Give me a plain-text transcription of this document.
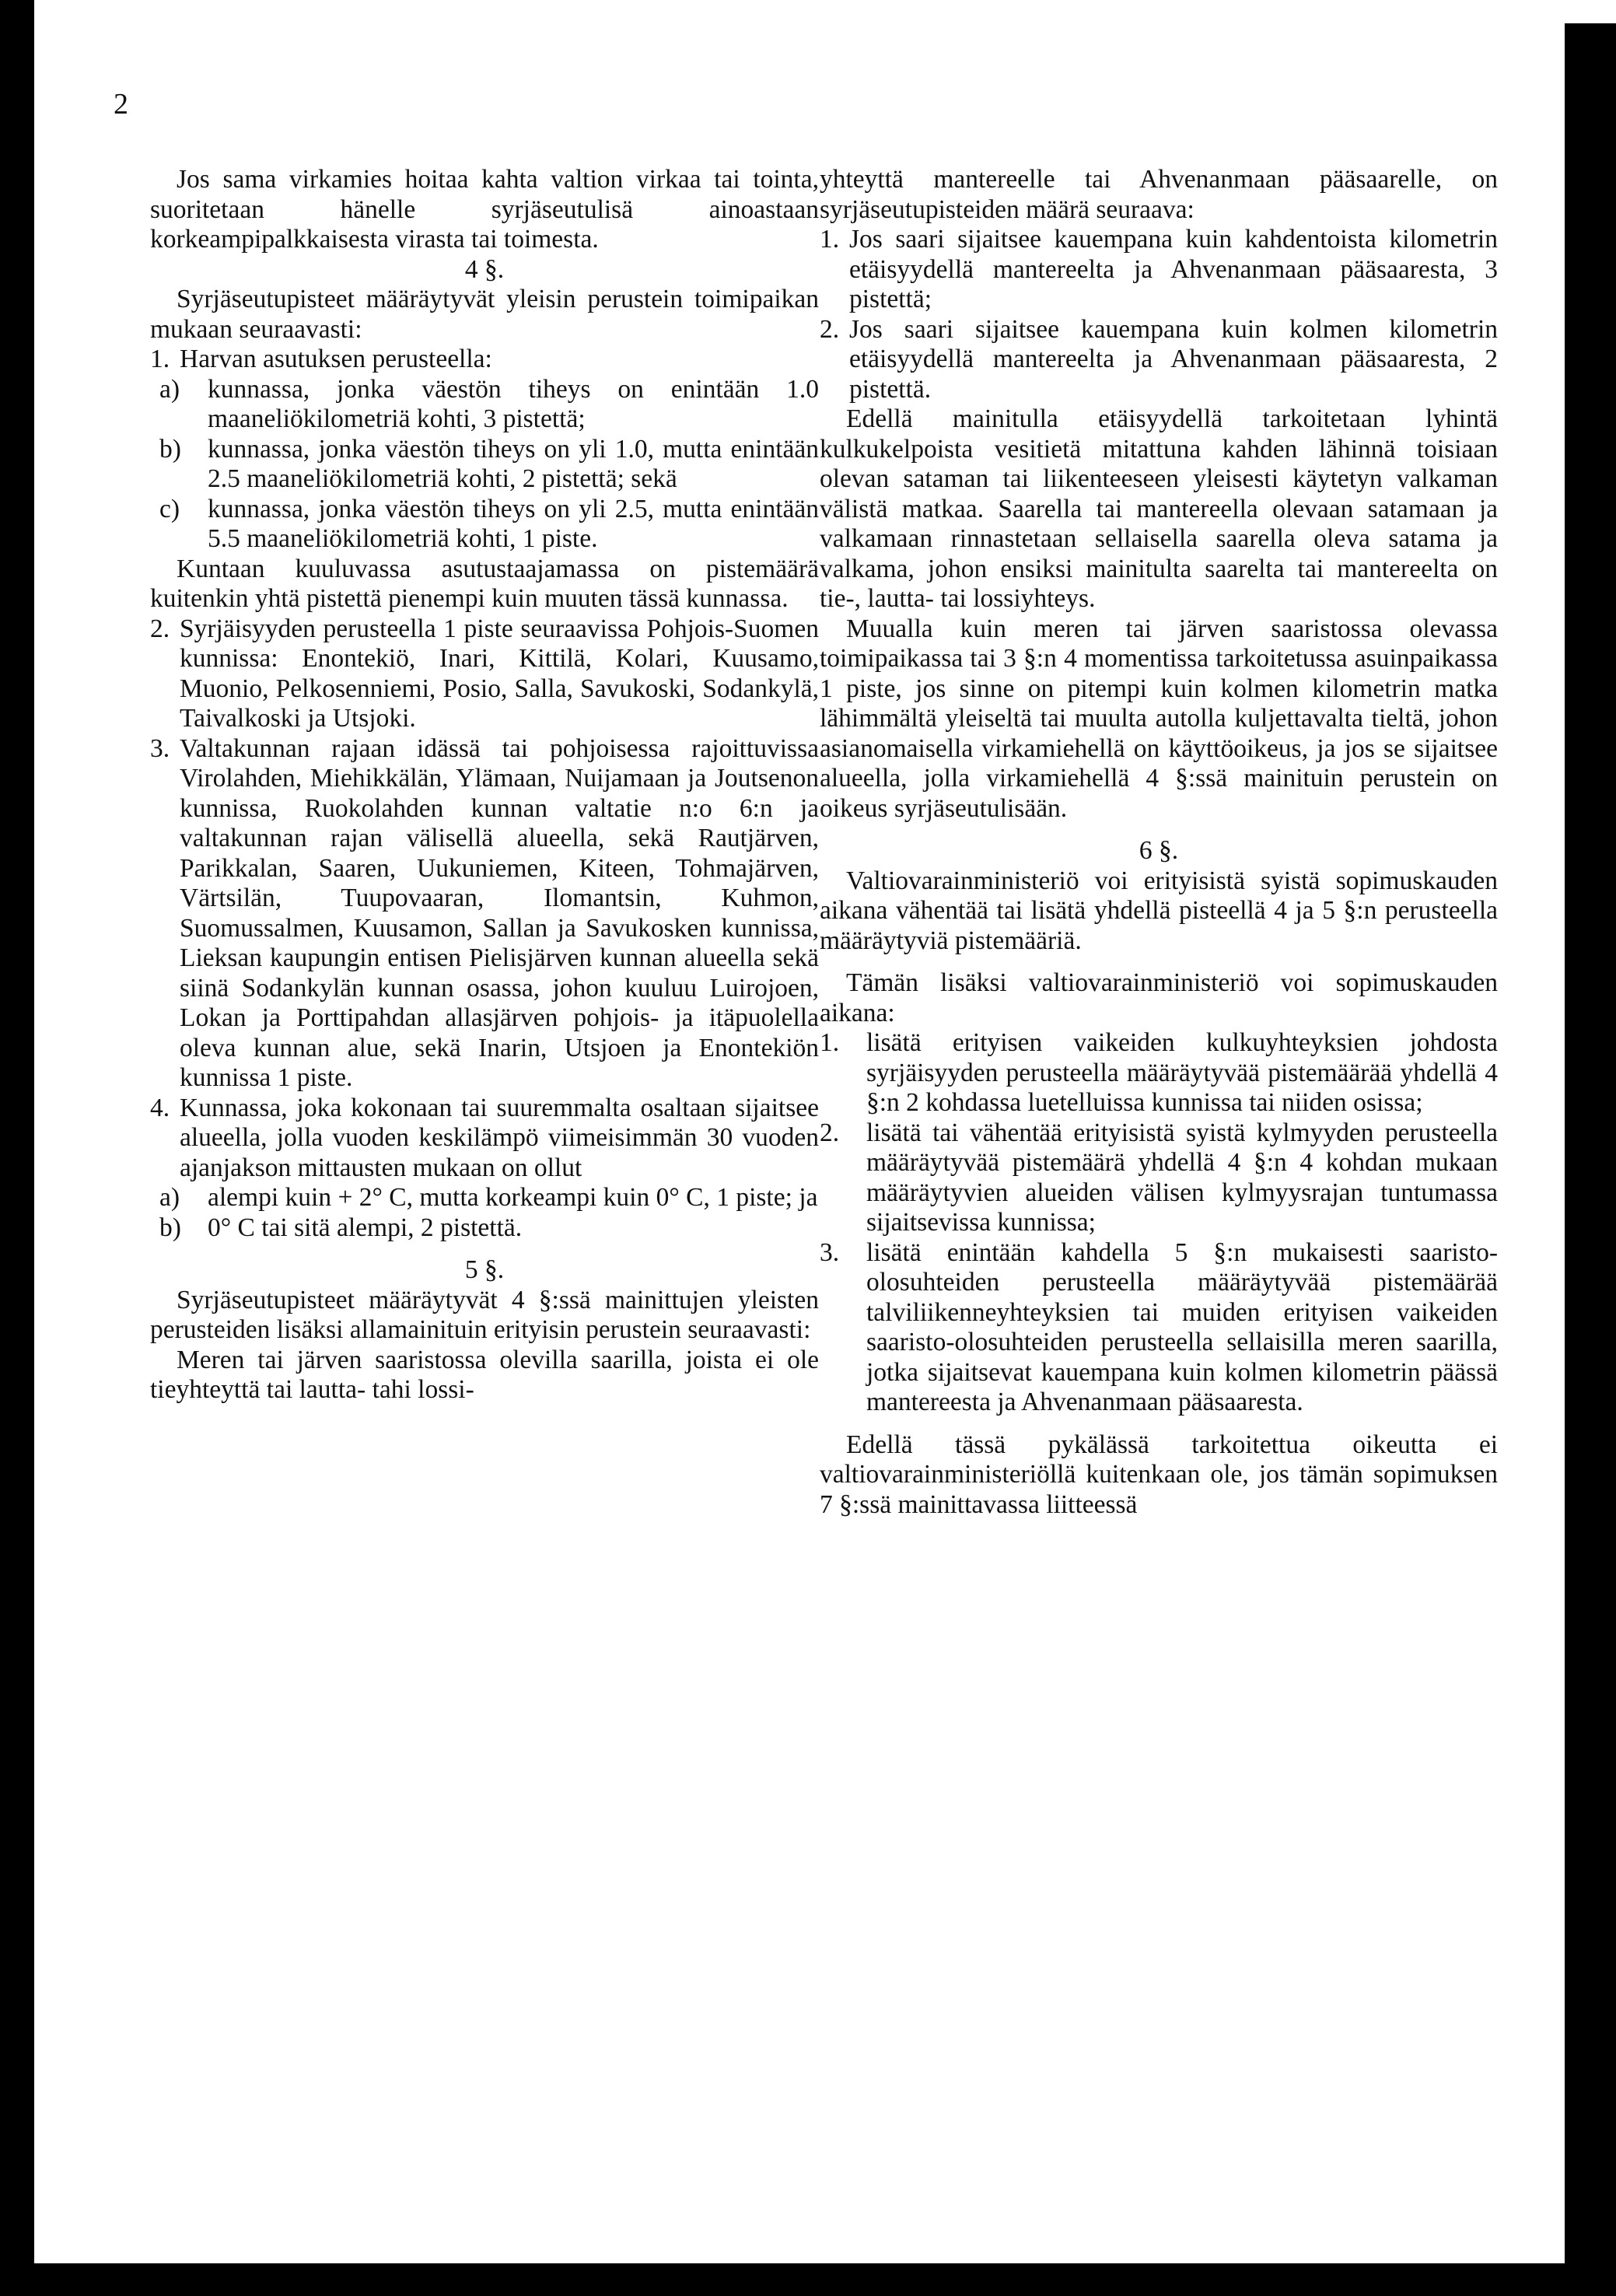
2

Jos sama virkamies hoitaa kahta valtion virkaa tai tointa, suoritetaan hänelle syrjäseutulisä ainoastaan korkeampipalkkaisesta virasta tai toimesta.

4 §.

Syrjäseutupisteet määräytyvät yleisin perustein toimipaikan mukaan seuraavasti:

1. Harvan asutuksen perusteella:
a)	kunnassa, jonka väestön tiheys on enintään 1.0 maaneliökilometriä kohti, 3 pistettä;
b)	kunnassa, jonka väestön tiheys on yli 1.0, mutta enintään 2.5 maaneliökilometriä kohti, 2 pistettä; sekä
c)	kunnassa, jonka väestön tiheys on yli 2.5, mutta enintään 5.5 maaneliökilometriä kohti, 1 piste.

Kuntaan kuuluvassa asutustaajamassa on pistemäärä kuitenkin yhtä pistettä pienempi kuin muuten tässä kunnassa.

2. Syrjäisyyden perusteella 1 piste seuraavissa Pohjois-Suomen kunnissa: Enontekiö, Inari, Kittilä, Kolari, Kuusamo, Muonio, Pelkosenniemi, Posio, Salla, Savukoski, Sodankylä, Taivalkoski ja Utsjoki.
3. Valtakunnan rajaan idässä tai pohjoisessa rajoittuvissa Virolahden, Miehikkälän, Ylämaan, Nuijamaan ja Joutsenon kunnissa, Ruokolahden kunnan valtatie n:o 6:n ja valtakunnan rajan välisellä alueella, sekä Rautjärven, Parikkalan, Saaren, Uukuniemen, Kiteen, Tohmajärven, Värtsilän, Tuupovaaran, Ilomantsin, Kuhmon, Suomussalmen, Kuusamon, Sallan ja Savukosken kunnissa, Lieksan kaupungin entisen Pielisjärven kunnan alueella sekä siinä Sodankylän kunnan osassa, johon kuuluu Luirojoen, Lokan ja Porttipahdan allasjärven pohjois- ja itäpuolella oleva kunnan alue, sekä Inarin, Utsjoen ja Enontekiön kunnissa 1 piste.
4. Kunnassa, joka kokonaan tai suuremmalta osaltaan sijaitsee alueella, jolla vuoden keskilämpö viimeisimmän 30 vuoden ajanjakson mittausten mukaan on ollut
a)	alempi kuin + 2° C, mutta korkeampi kuin 0° C, 1 piste; ja
b)	0° C tai sitä alempi, 2 pistettä.

5 §.

Syrjäseutupisteet määräytyvät 4 §:ssä mainittujen yleisten perusteiden lisäksi allamainituin erityisin perustein seuraavasti:

Meren tai järven saaristossa olevilla saarilla, joista ei ole tieyhteyttä tai lautta- tahi lossi-

yhteyttä mantereelle tai Ahvenanmaan pääsaarelle, on syrjäseutupisteiden määrä seuraava:

1. Jos saari sijaitsee kauempana kuin kahdentoista kilometrin etäisyydellä mantereelta ja Ahvenanmaan pääsaaresta, 3 pistettä;
2. Jos saari sijaitsee kauempana kuin kolmen kilometrin etäisyydellä mantereelta ja Ahvenanmaan pääsaaresta, 2 pistettä.

Edellä mainitulla etäisyydellä tarkoitetaan lyhintä kulkukelpoista vesitietä mitattuna kahden lähinnä toisiaan olevan sataman tai liikenteeseen yleisesti käytetyn valkaman välistä matkaa. Saarella tai mantereella olevaan satamaan ja valkamaan rinnastetaan sellaisella saarella oleva satama ja valkama, johon ensiksi mainitulta saarelta tai mantereelta on tie-, lautta- tai lossiyhteys.

Muualla kuin meren tai järven saaristossa olevassa toimipaikassa tai 3 §:n 4 momentissa tarkoitetussa asuinpaikassa 1 piste, jos sinne on pitempi kuin kolmen kilometrin matka lähimmältä yleiseltä tai muulta autolla kuljettavalta tieltä, johon asianomaisella virkamiehellä on käyttöoikeus, ja jos se sijaitsee alueella, jolla virkamiehellä 4 §:ssä mainituin perustein on oikeus syrjäseutulisään.

6 §.

Valtiovarainministeriö voi erityisistä syistä sopimuskauden aikana vähentää tai lisätä yhdellä pisteellä 4 ja 5 §:n perusteella määräytyviä pistemääriä.

Tämän lisäksi valtiovarainministeriö voi sopimuskauden aikana:

1.	lisätä erityisen vaikeiden kulkuyhteyksien johdosta syrjäisyyden perusteella määräytyvää pistemäärää yhdellä 4 §:n 2 kohdassa luetelluissa kunnissa tai niiden osissa;
2.	lisätä tai vähentää erityisistä syistä kylmyyden perusteella määräytyvää pistemäärä yhdellä 4 §:n 4 kohdan mukaan määräytyvien alueiden välisen kylmyysrajan tuntumassa sijaitsevissa kunnissa;
3.	lisätä enintään kahdella 5 §:n mukaisesti saaristo-olosuhteiden perusteella määräytyvää pistemäärää talviliikenneyhteyksien tai muiden erityisen vaikeiden saaristo-olosuhteiden perusteella sellaisilla meren saarilla, jotka sijaitsevat kauempana kuin kolmen kilometrin päässä mantereesta ja Ahvenanmaan pääsaaresta.

Edellä tässä pykälässä tarkoitettua oikeutta ei valtiovarainministeriöllä kuitenkaan ole, jos tämän sopimuksen 7 §:ssä mainittavassa liitteessä
